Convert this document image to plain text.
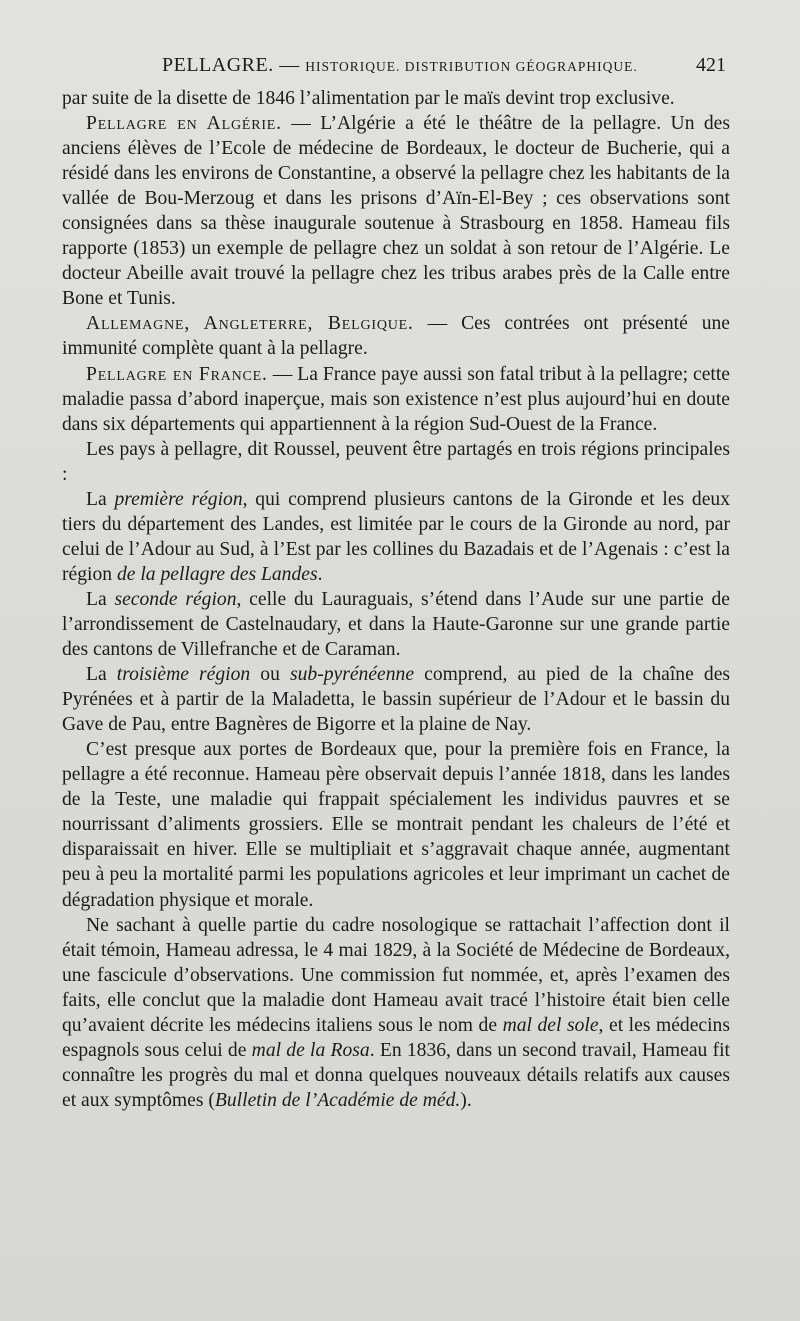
PELLAGRE. — HISTORIQUE. DISTRIBUTION GÉOGRAPHIQUE.	421

par suite de la disette de 1846 l’alimentation par le maïs devint trop exclusive.

Pellagre en Algérie. — L’Algérie a été le théâtre de la pellagre. Un des anciens élèves de l’Ecole de médecine de Bordeaux, le docteur de Bucherie, qui a résidé dans les environs de Constantine, a observé la pellagre chez les habitants de la vallée de Bou-Merzoug et dans les prisons d’Aïn-El-Bey ; ces observations sont consignées dans sa thèse inaugurale soutenue à Strasbourg en 1858. Hameau fils rapporte (1853) un exemple de pellagre chez un soldat à son retour de l’Algérie. Le docteur Abeille avait trouvé la pellagre chez les tribus arabes près de la Calle entre Bone et Tunis.

Allemagne, Angleterre, Belgique. — Ces contrées ont présenté une immunité complète quant à la pellagre.

Pellagre en France. — La France paye aussi son fatal tribut à la pellagre; cette maladie passa d’abord inaperçue, mais son existence n’est plus aujourd’hui en doute dans six départements qui appartiennent à la région Sud-Ouest de la France.

Les pays à pellagre, dit Roussel, peuvent être partagés en trois régions principales :

La première région, qui comprend plusieurs cantons de la Gironde et les deux tiers du département des Landes, est limitée par le cours de la Gironde au nord, par celui de l’Adour au Sud, à l’Est par les collines du Bazadais et de l’Agenais : c’est la région de la pellagre des Landes.

La seconde région, celle du Lauraguais, s’étend dans l’Aude sur une partie de l’arrondissement de Castelnaudary, et dans la Haute-Garonne sur une grande partie des cantons de Villefranche et de Caraman.

La troisième région ou sub-pyrénéenne comprend, au pied de la chaîne des Pyrénées et à partir de la Maladetta, le bassin supérieur de l’Adour et le bassin du Gave de Pau, entre Bagnères de Bigorre et la plaine de Nay.

C’est presque aux portes de Bordeaux que, pour la première fois en France, la pellagre a été reconnue. Hameau père observait depuis l’année 1818, dans les landes de la Teste, une maladie qui frappait spécialement les individus pauvres et se nourrissant d’aliments grossiers. Elle se montrait pendant les chaleurs de l’été et disparaissait en hiver. Elle se multipliait et s’aggravait chaque année, augmentant peu à peu la mortalité parmi les populations agricoles et leur imprimant un cachet de dégradation physique et morale.

Ne sachant à quelle partie du cadre nosologique se rattachait l’affection dont il était témoin, Hameau adressa, le 4 mai 1829, à la Société de Médecine de Bordeaux, une fascicule d’observations. Une commission fut nommée, et, après l’examen des faits, elle conclut que la maladie dont Hameau avait tracé l’histoire était bien celle qu’avaient décrite les médecins italiens sous le nom de mal del sole, et les médecins espagnols sous celui de mal de la Rosa. En 1836, dans un second travail, Hameau fit connaître les progrès du mal et donna quelques nouveaux détails relatifs aux causes et aux symptômes (Bulletin de l’Académie de méd.).
